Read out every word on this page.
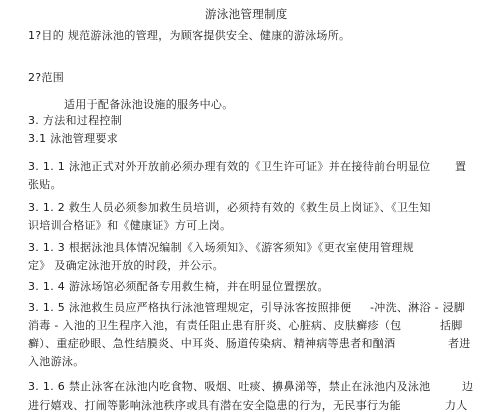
游泳池管理制度
1?目的 规范游泳池的管理，为顾客提供安全、健康的游泳场所。
2?范围
适用于配备泳池设施的服务中心。
3. 方法和过程控制
3.1 泳池管理要求
3. 1. 1 泳池正式对外开放前必须办理有效的《卫生许可证》并在接待前台明显位 置
张贴。
3. 1. 2 救生人员必须参加救生员培训，必须持有效的《救生员上岗证》、《卫生知
识培训合格证》和《健康证》方可上岗。
3. 1. 3 根据泳池具体情况编制《入场须知》、《游客须知》《更衣室使用管理规
定》 及确定泳池开放的时段，并公示。
3. 1. 4 游泳场馆必须配备专用救生椅，并在明显位置摆放。
3. 1. 5 泳池救生员应严格执行泳池管理规定，引导泳客按照排便 -冲洗、淋浴 - 浸脚
消毒 - 入池的卫生程序入池，有责任阻止患有肝炎、心脏病、皮肤癣疹（包	括脚
癣）、重症砂眼、急性结膜炎、中耳炎、肠道传染病、精神病等患者和酗酒	者进
入池游泳。
3. 1. 6 禁止泳客在泳池内吃食物、吸烟、吐痰、擤鼻涕等，禁止在泳池内及泳池	边
进行嬉戏、打闹等影响泳池秩序或具有潜在安全隐患的行为，无民事行为能	力人
